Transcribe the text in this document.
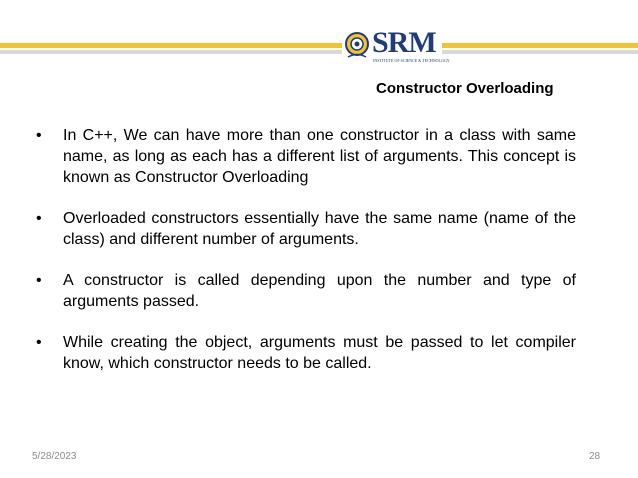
SRM
INSTITUTE OF SCIENCE & TECHNOLOGY
Constructor Overloading
• In C++, We can have more than one constructor in a class with same name, as long as each has a different list of arguments. This concept is known as Constructor Overloading
• Overloaded constructors essentially have the same name (name of the class) and different number of arguments.
• A constructor is called depending upon the number and type of arguments passed.
• While creating the object, arguments must be passed to let compiler know, which constructor needs to be called.
5/28/2023	28
